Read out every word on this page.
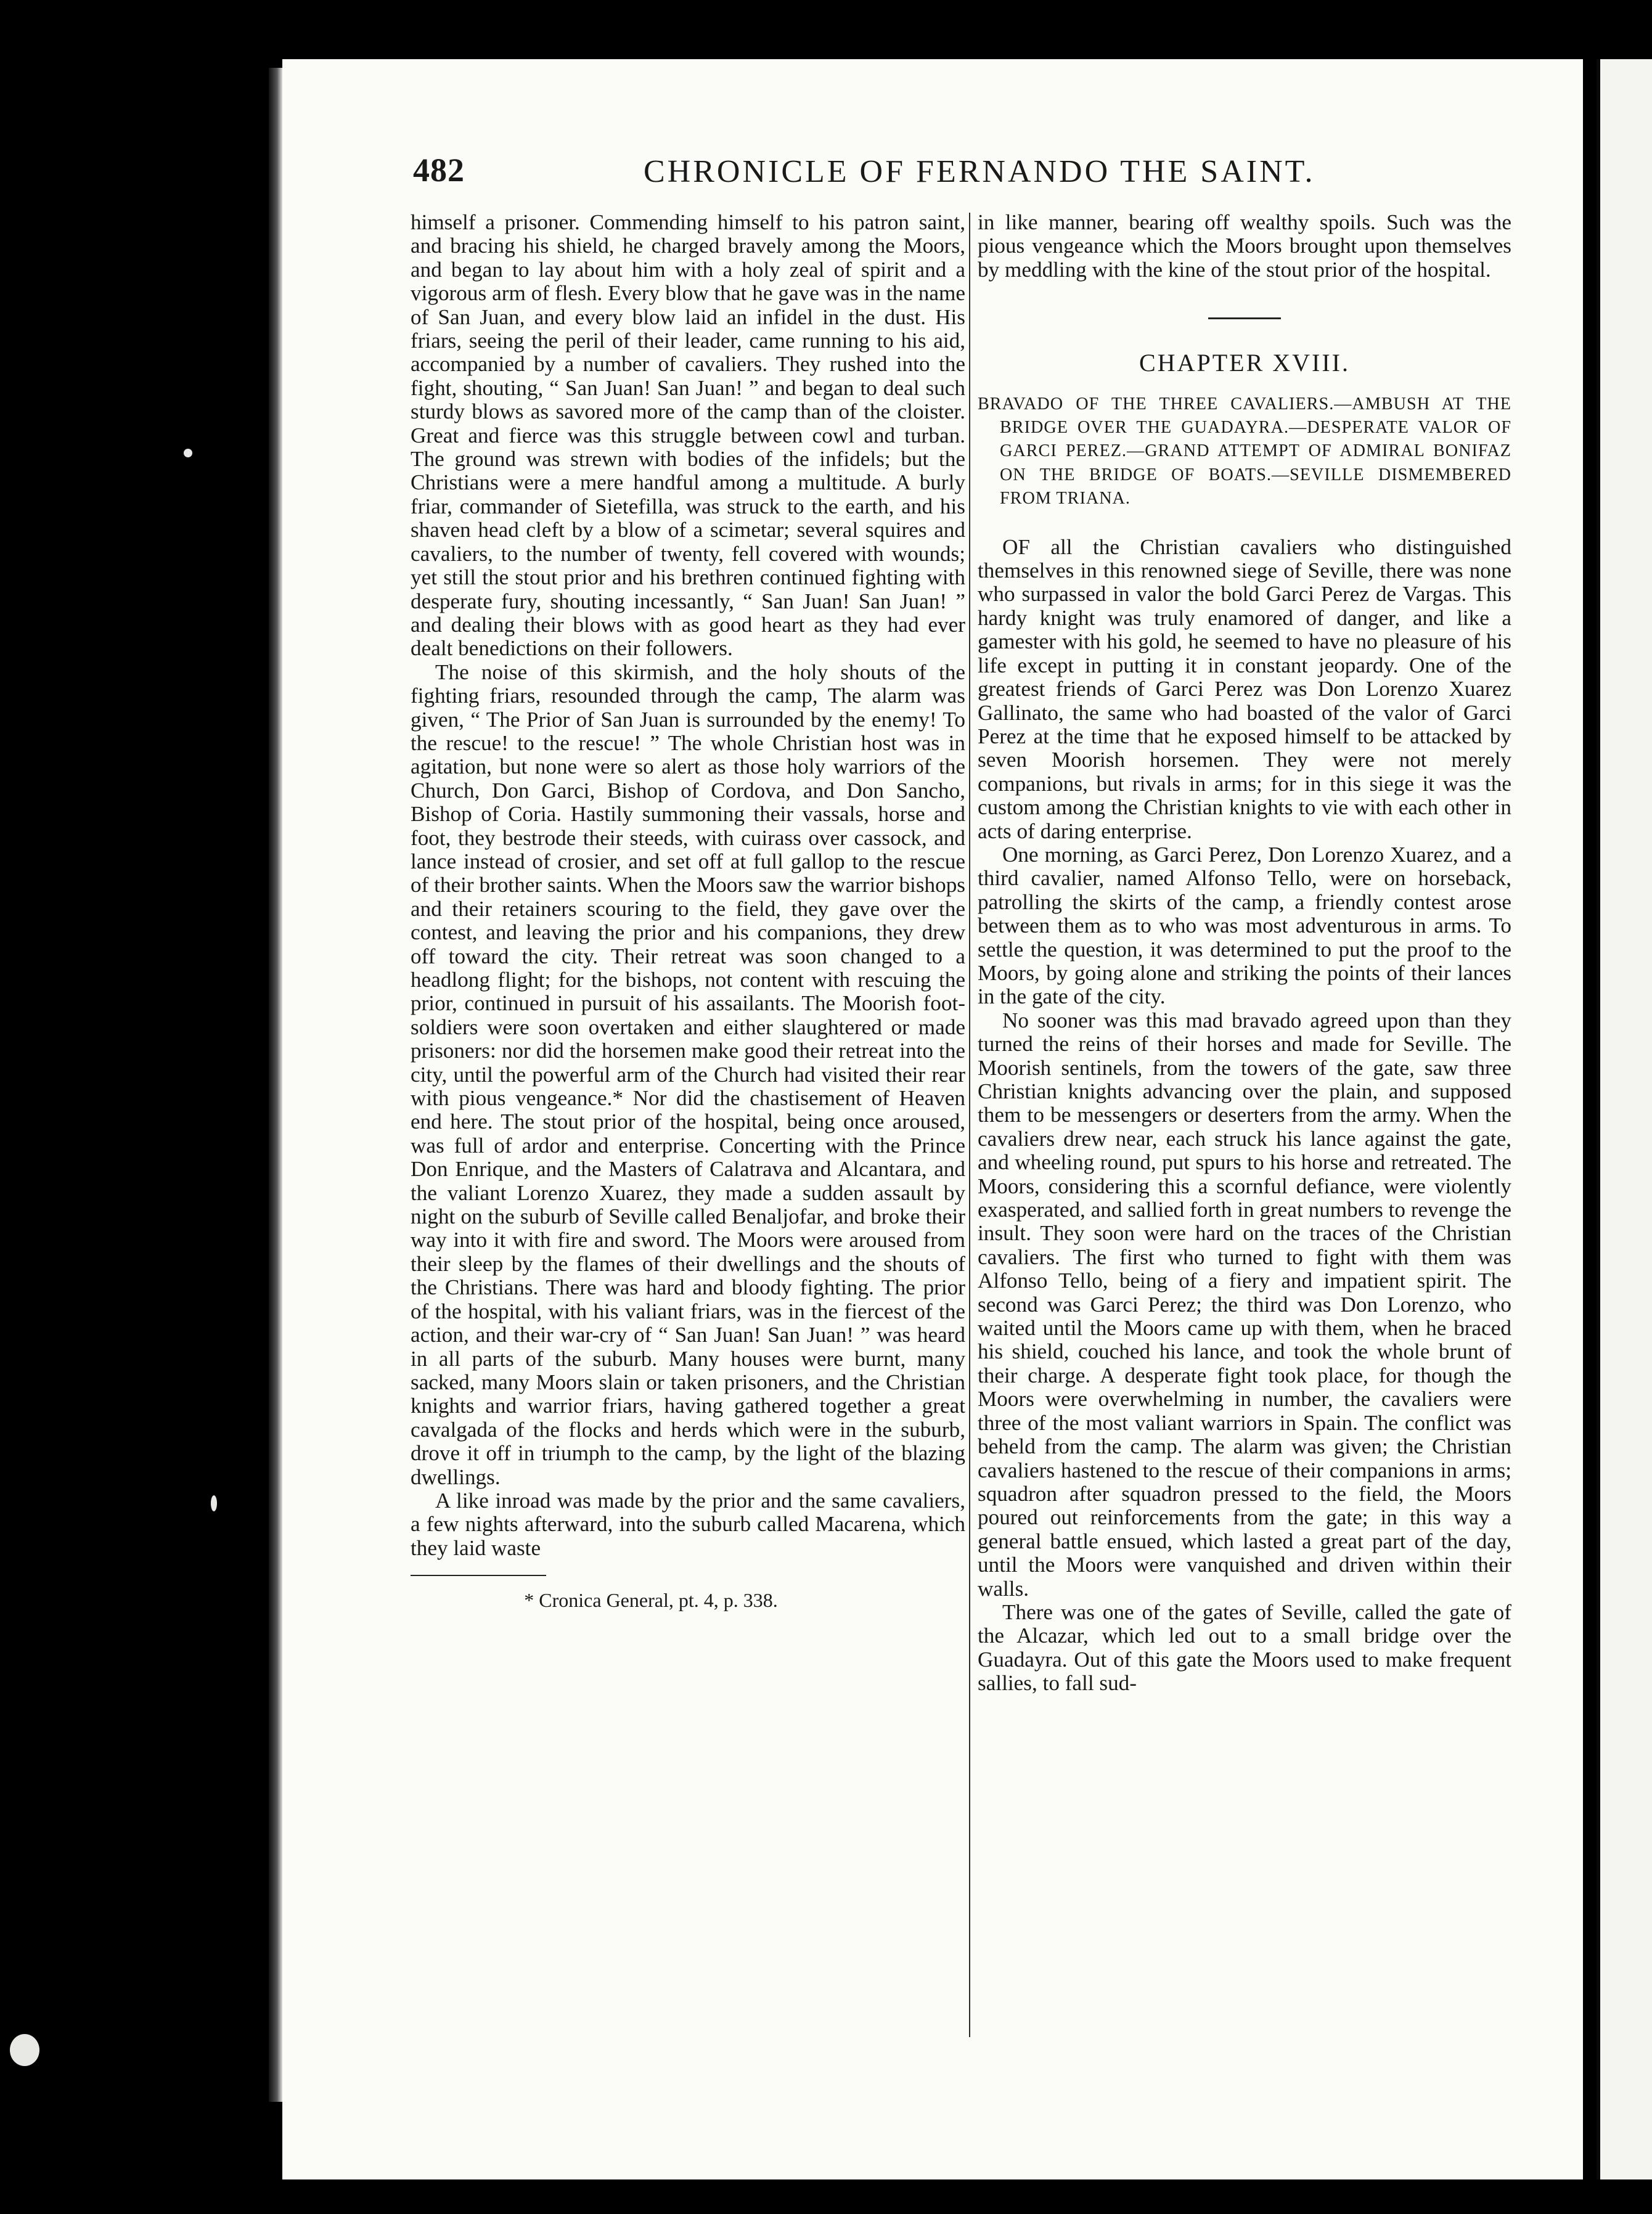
482	CHRONICLE OF FERNANDO THE SAINT.

himself a prisoner. Commending himself to his patron saint, and bracing his shield, he charged bravely among the Moors, and began to lay about him with a holy zeal of spirit and a vigorous arm of flesh. Every blow that he gave was in the name of San Juan, and every blow laid an infidel in the dust. His friars, seeing the peril of their leader, came running to his aid, accompanied by a number of cavaliers. They rushed into the fight, shouting, “ San Juan! San Juan! ” and began to deal such sturdy blows as savored more of the camp than of the cloister. Great and fierce was this struggle between cowl and turban. The ground was strewn with bodies of the infidels; but the Christians were a mere handful among a multitude. A burly friar, commander of Sietefilla, was struck to the earth, and his shaven head cleft by a blow of a scimetar; several squires and cavaliers, to the number of twenty, fell covered with wounds; yet still the stout prior and his brethren continued fighting with desperate fury, shouting incessantly, “ San Juan! San Juan! ” and dealing their blows with as good heart as they had ever dealt benedictions on their followers.

The noise of this skirmish, and the holy shouts of the fighting friars, resounded through the camp, The alarm was given, “ The Prior of San Juan is surrounded by the enemy! To the rescue! to the rescue! ” The whole Christian host was in agitation, but none were so alert as those holy warriors of the Church, Don Garci, Bishop of Cordova, and Don Sancho, Bishop of Coria. Hastily summoning their vassals, horse and foot, they bestrode their steeds, with cuirass over cassock, and lance instead of crosier, and set off at full gallop to the rescue of their brother saints. When the Moors saw the warrior bishops and their retainers scouring to the field, they gave over the contest, and leaving the prior and his companions, they drew off toward the city. Their retreat was soon changed to a headlong flight; for the bishops, not content with rescuing the prior, continued in pursuit of his assailants. The Moorish foot-soldiers were soon overtaken and either slaughtered or made prisoners: nor did the horsemen make good their retreat into the city, until the powerful arm of the Church had visited their rear with pious vengeance.* Nor did the chastisement of Heaven end here. The stout prior of the hospital, being once aroused, was full of ardor and enterprise. Concerting with the Prince Don Enrique, and the Masters of Calatrava and Alcantara, and the valiant Lorenzo Xuarez, they made a sudden assault by night on the suburb of Seville called Benaljofar, and broke their way into it with fire and sword. The Moors were aroused from their sleep by the flames of their dwellings and the shouts of the Christians. There was hard and bloody fighting. The prior of the hospital, with his valiant friars, was in the fiercest of the action, and their war-cry of “ San Juan! San Juan! ” was heard in all parts of the suburb. Many houses were burnt, many sacked, many Moors slain or taken prisoners, and the Christian knights and warrior friars, having gathered together a great cavalgada of the flocks and herds which were in the suburb, drove it off in triumph to the camp, by the light of the blazing dwellings.

A like inroad was made by the prior and the same cavaliers, a few nights afterward, into the suburb called Macarena, which they laid waste

* Cronica General, pt. 4, p. 338.

in like manner, bearing off wealthy spoils. Such was the pious vengeance which the Moors brought upon themselves by meddling with the kine of the stout prior of the hospital.

CHAPTER XVIII.

BRAVADO OF THE THREE CAVALIERS.—AMBUSH AT THE BRIDGE OVER THE GUADAYRA.—DESPERATE VALOR OF GARCI PEREZ.—GRAND ATTEMPT OF ADMIRAL BONIFAZ ON THE BRIDGE OF BOATS.—SEVILLE DISMEMBERED FROM TRIANA.

OF all the Christian cavaliers who distinguished themselves in this renowned siege of Seville, there was none who surpassed in valor the bold Garci Perez de Vargas. This hardy knight was truly enamored of danger, and like a gamester with his gold, he seemed to have no pleasure of his life except in putting it in constant jeopardy. One of the greatest friends of Garci Perez was Don Lorenzo Xuarez Gallinato, the same who had boasted of the valor of Garci Perez at the time that he exposed himself to be attacked by seven Moorish horsemen. They were not merely companions, but rivals in arms; for in this siege it was the custom among the Christian knights to vie with each other in acts of daring enterprise.

One morning, as Garci Perez, Don Lorenzo Xuarez, and a third cavalier, named Alfonso Tello, were on horseback, patrolling the skirts of the camp, a friendly contest arose between them as to who was most adventurous in arms. To settle the question, it was determined to put the proof to the Moors, by going alone and striking the points of their lances in the gate of the city.

No sooner was this mad bravado agreed upon than they turned the reins of their horses and made for Seville. The Moorish sentinels, from the towers of the gate, saw three Christian knights advancing over the plain, and supposed them to be messengers or deserters from the army. When the cavaliers drew near, each struck his lance against the gate, and wheeling round, put spurs to his horse and retreated. The Moors, considering this a scornful defiance, were violently exasperated, and sallied forth in great numbers to revenge the insult. They soon were hard on the traces of the Christian cavaliers. The first who turned to fight with them was Alfonso Tello, being of a fiery and impatient spirit. The second was Garci Perez; the third was Don Lorenzo, who waited until the Moors came up with them, when he braced his shield, couched his lance, and took the whole brunt of their charge. A desperate fight took place, for though the Moors were overwhelming in number, the cavaliers were three of the most valiant warriors in Spain. The conflict was beheld from the camp. The alarm was given; the Christian cavaliers hastened to the rescue of their companions in arms; squadron after squadron pressed to the field, the Moors poured out reinforcements from the gate; in this way a general battle ensued, which lasted a great part of the day, until the Moors were vanquished and driven within their walls.

There was one of the gates of Seville, called the gate of the Alcazar, which led out to a small bridge over the Guadayra. Out of this gate the Moors used to make frequent sallies, to fall sud-
